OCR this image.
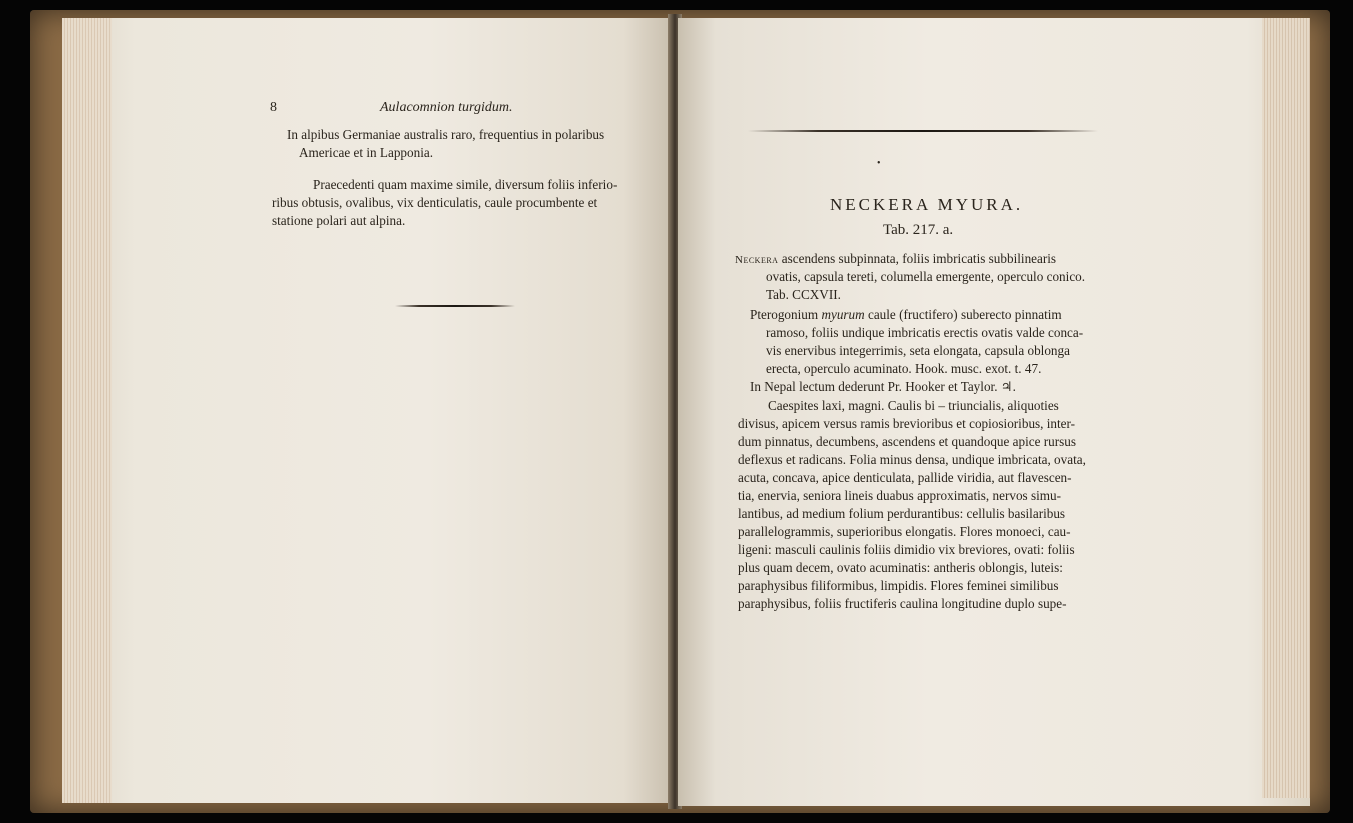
8	Aulacomnion turgidum.
In alpibus Germaniae australis raro, frequentius in polaribus
Americae et in Lapponia.
Praecedenti quam maxime simile, diversum foliis inferio-
ribus obtusis, ovalibus, vix denticulatis, caule procumbente et
statione polari aut alpina.
•
NECKERA MYURA.
Tab. 217. a.
Neckera ascendens subpinnata, foliis imbricatis subbilinearis
ovatis, capsula tereti, columella emergente, operculo conico.
Tab. CCXVII.
Pterogonium myurum caule (fructifero) suberecto pinnatim
ramoso, foliis undique imbricatis erectis ovatis valde conca-
vis enervibus integerrimis, seta elongata, capsula oblonga
erecta, operculo acuminato. Hook. musc. exot. t. 47.
In Nepal lectum dederunt Pr. Hooker et Taylor. ♃.
Caespites laxi, magni. Caulis bi – triuncialis, aliquoties
divisus, apicem versus ramis brevioribus et copiosioribus, inter-
dum pinnatus, decumbens, ascendens et quandoque apice rursus
deflexus et radicans. Folia minus densa, undique imbricata, ovata,
acuta, concava, apice denticulata, pallide viridia, aut flavescen-
tia, enervia, seniora lineis duabus approximatis, nervos simu-
lantibus, ad medium folium perdurantibus: cellulis basilaribus
parallelogrammis, superioribus elongatis. Flores monoeci, cau-
ligeni: masculi caulinis foliis dimidio vix breviores, ovati: foliis
plus quam decem, ovato acuminatis: antheris oblongis, luteis:
paraphysibus filiformibus, limpidis. Flores feminei similibus
paraphysibus, foliis fructiferis caulina longitudine duplo supe-
